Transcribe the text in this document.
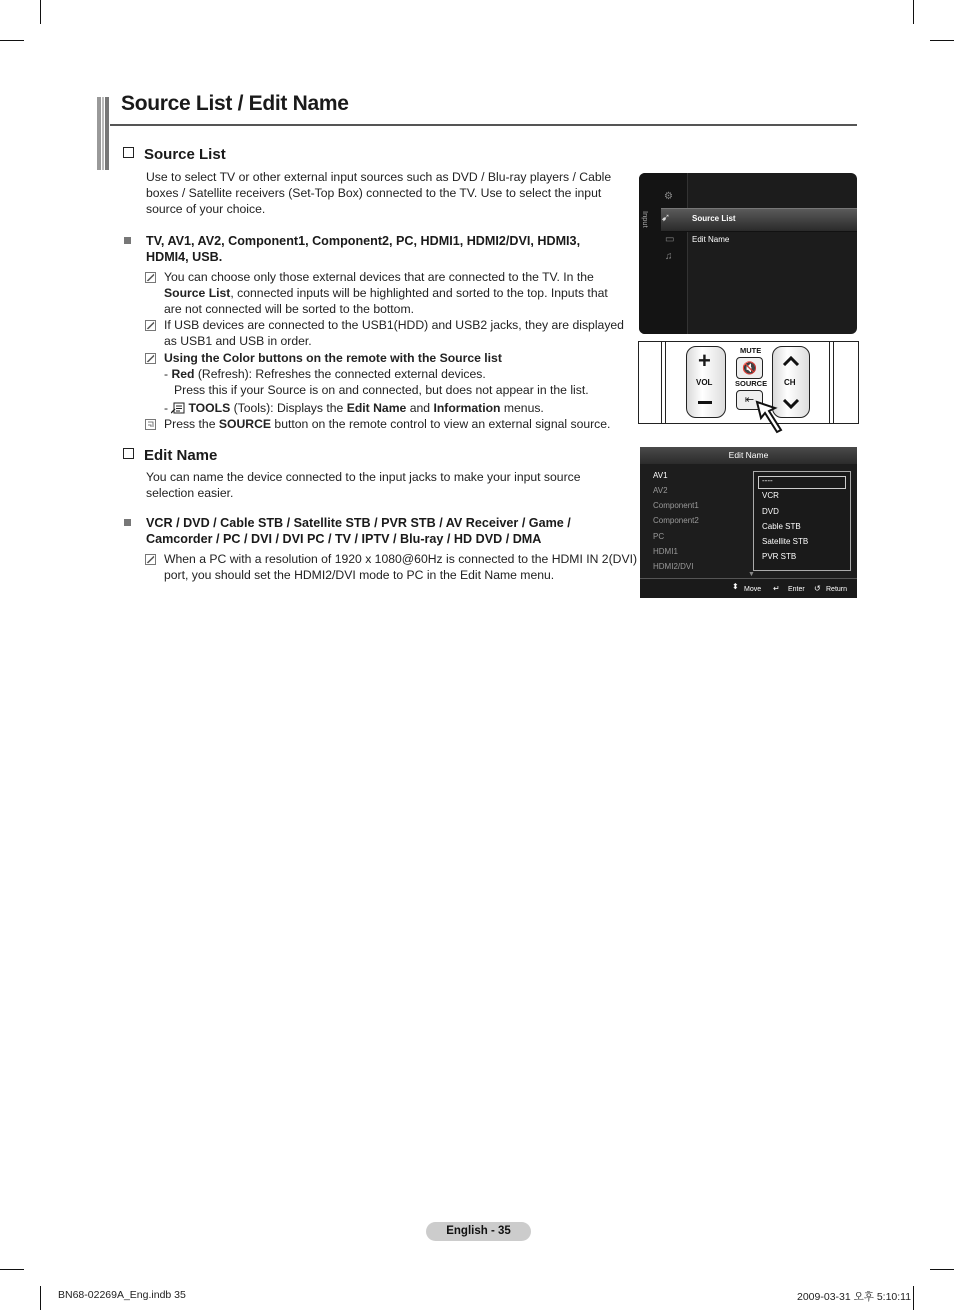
Source List / Edit Name
Source List
Use to select TV or other external input sources such as DVD / Blu-ray players / Cable
boxes / Satellite receivers (Set-Top Box) connected to the TV. Use to select the input
source of your choice.
TV, AV1, AV2, Component1, Component2, PC, HDMI1, HDMI2/DVI, HDMI3,
HDMI4, USB.
You can choose only those external devices that are connected to the TV. In the
Source List, connected inputs will be highlighted and sorted to the top. Inputs that
are not connected will be sorted to the bottom.
If USB devices are connected to the USB1(HDD) and USB2 jacks, they are displayed
as USB1 and USB in order.
Using the Color buttons on the remote with the Source list
- Red (Refresh): Refreshes the connected external devices.
Press this if your Source is on and connected, but does not appear in the list.
- TOOLS (Tools): Displays the Edit Name and Information menus.
Press the SOURCE button on the remote control to view an external signal source.
Edit Name
You can name the device connected to the input jacks to make your input source
selection easier.
VCR / DVD / Cable STB / Satellite STB / PVR STB / AV Receiver / Game /
Camcorder / PC / DVI / DVI PC / TV / IPTV / Blu-ray / HD DVD / DMA
When a PC with a resolution of 1920 x 1080@60Hz is connected to the HDMI IN 2(DVI)
port, you should set the HDMI2/DVI mode to PC in the Edit Name menu.
Input
⚙
➹
▭
♫
Source List
Edit Name
+
VOL
MUTE
🔇
SOURCE
⇤
CH
Edit Name
AV1
AV2
Component1
Component2
PC
HDMI1
HDMI2/DVI
▼
----
VCR
DVD
Cable STB
Satellite STB
PVR STB
⬍ Move ↵ Enter ↺ Return
English - 35
BN68-02269A_Eng.indb 35	2009-03-31 오후 5:10:11
